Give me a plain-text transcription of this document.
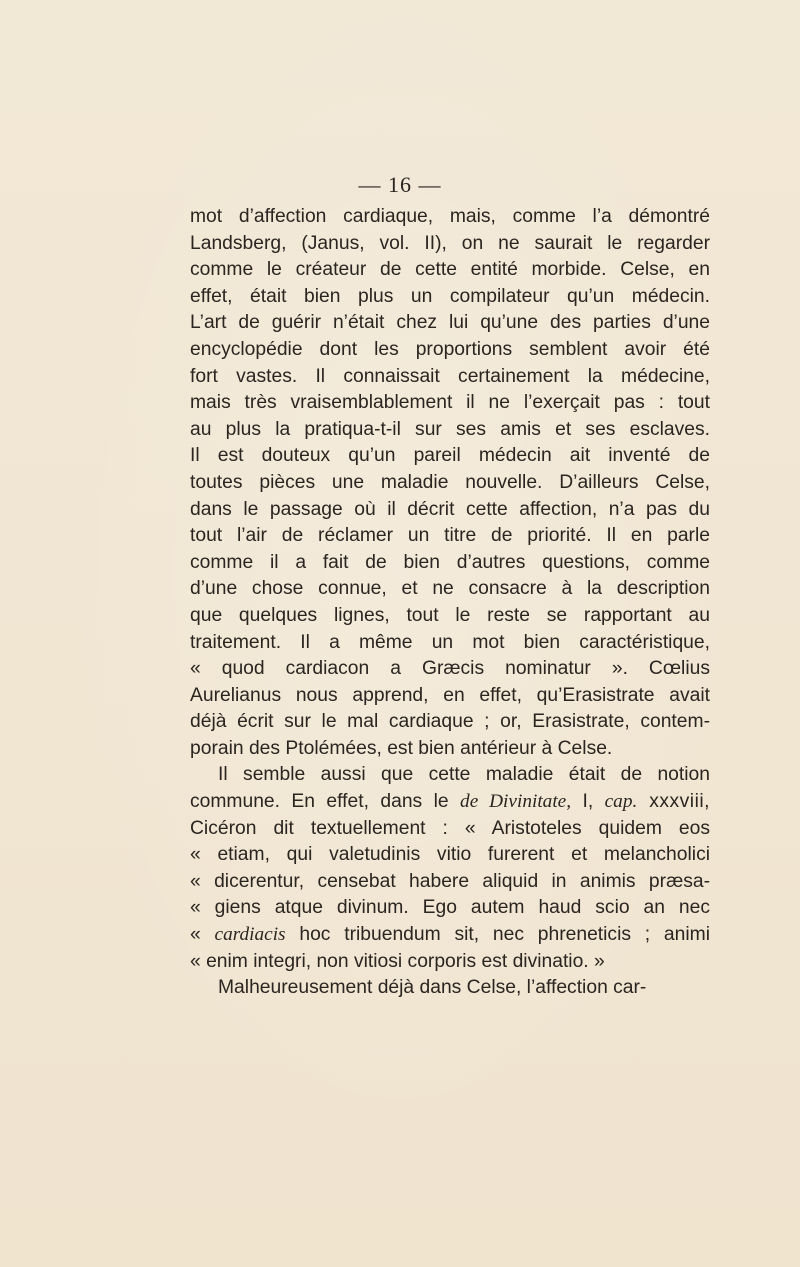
— 16 —
mot d’affection cardiaque, mais, comme l’a démontré
Landsberg, (Janus, vol. II), on ne saurait le regarder
comme le créateur de cette entité morbide. Celse, en
effet, était bien plus un compilateur qu’un médecin.
L’art de guérir n’était chez lui qu’une des parties d’une
encyclopédie dont les proportions semblent avoir été
fort vastes. Il connaissait certainement la médecine,
mais très vraisemblablement il ne l’exerçait pas : tout
au plus la pratiqua-t-il sur ses amis et ses esclaves.
Il est douteux qu’un pareil médecin ait inventé de
toutes pièces une maladie nouvelle. D’ailleurs Celse,
dans le passage où il décrit cette affection, n’a pas du
tout l’air de réclamer un titre de priorité. Il en parle
comme il a fait de bien d’autres questions, comme
d’une chose connue, et ne consacre à la description
que quelques lignes, tout le reste se rapportant au
traitement. Il a même un mot bien caractéristique,
« quod cardiacon a Græcis nominatur ». Cœlius
Aurelianus nous apprend, en effet, qu’Erasistrate avait
déjà écrit sur le mal cardiaque ; or, Erasistrate, contem-
porain des Ptolémées, est bien antérieur à Celse.
Il semble aussi que cette maladie était de notion
commune. En effet, dans le de Divinitate, I, cap. xxxviii,
Cicéron dit textuellement : « Aristoteles quidem eos
« etiam, qui valetudinis vitio furerent et melancholici
« dicerentur, censebat habere aliquid in animis præsa-
« giens atque divinum. Ego autem haud scio an nec
« cardiacis hoc tribuendum sit, nec phreneticis ; animi
« enim integri, non vitiosi corporis est divinatio. »
Malheureusement déjà dans Celse, l’affection car-
